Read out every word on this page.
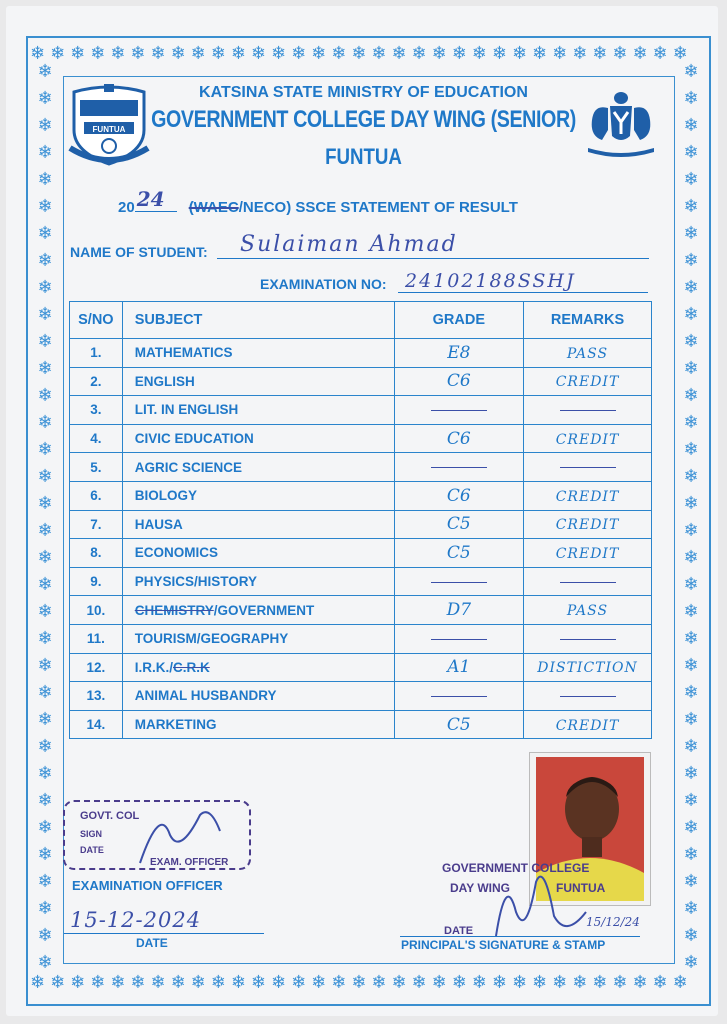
❄❄❄❄❄❄❄❄❄❄❄❄❄❄❄❄❄❄❄❄❄❄❄❄❄❄❄❄❄❄❄❄❄
❄❄❄❄❄❄❄❄❄❄❄❄❄❄❄❄❄❄❄❄❄❄❄❄❄❄❄❄❄❄❄❄❄
❄❄❄❄❄❄❄❄❄❄❄❄❄❄❄❄❄❄❄❄❄❄❄❄❄❄❄❄❄❄❄❄❄❄
❄❄❄❄❄❄❄❄❄❄❄❄❄❄❄❄❄❄❄❄❄❄❄❄❄❄❄❄❄❄❄❄❄❄
FUNTUA
KATSINA STATE MINISTRY OF EDUCATION
GOVERNMENT COLLEGE DAY WING (SENIOR)
FUNTUA
20 24 (WAEC/NECO) SSCE STATEMENT OF RESULT
NAME OF STUDENT: Sulaiman Ahmad
EXAMINATION NO: 24102188SSHJ
S/NO	SUBJECT	GRADE	REMARKS
1.	MATHEMATICS	E8	PASS
2.	ENGLISH	C6	CREDIT
3.	LIT. IN ENGLISH		
4.	CIVIC EDUCATION	C6	CREDIT
5.	AGRIC SCIENCE		
6.	BIOLOGY	C6	CREDIT
7.	HAUSA	C5	CREDIT
8.	ECONOMICS	C5	CREDIT
9.	PHYSICS/HISTORY		
10.	CHEMISTRY/GOVERNMENT	D7	PASS
11.	TOURISM/GEOGRAPHY		
12.	I.R.K./C.R.K	A1	DISTICTION
13.	ANIMAL HUSBANDRY		
14.	MARKETING	C5	CREDIT
GOVT. COL
SIGN
DATE
EXAM. OFFICER
EXAMINATION OFFICER
15-12-2024
DATE
GOVERNMENT COLLEGE
DAY WING	FUNTUA
DATE
15/12/24
PRINCIPAL'S SIGNATURE & STAMP
